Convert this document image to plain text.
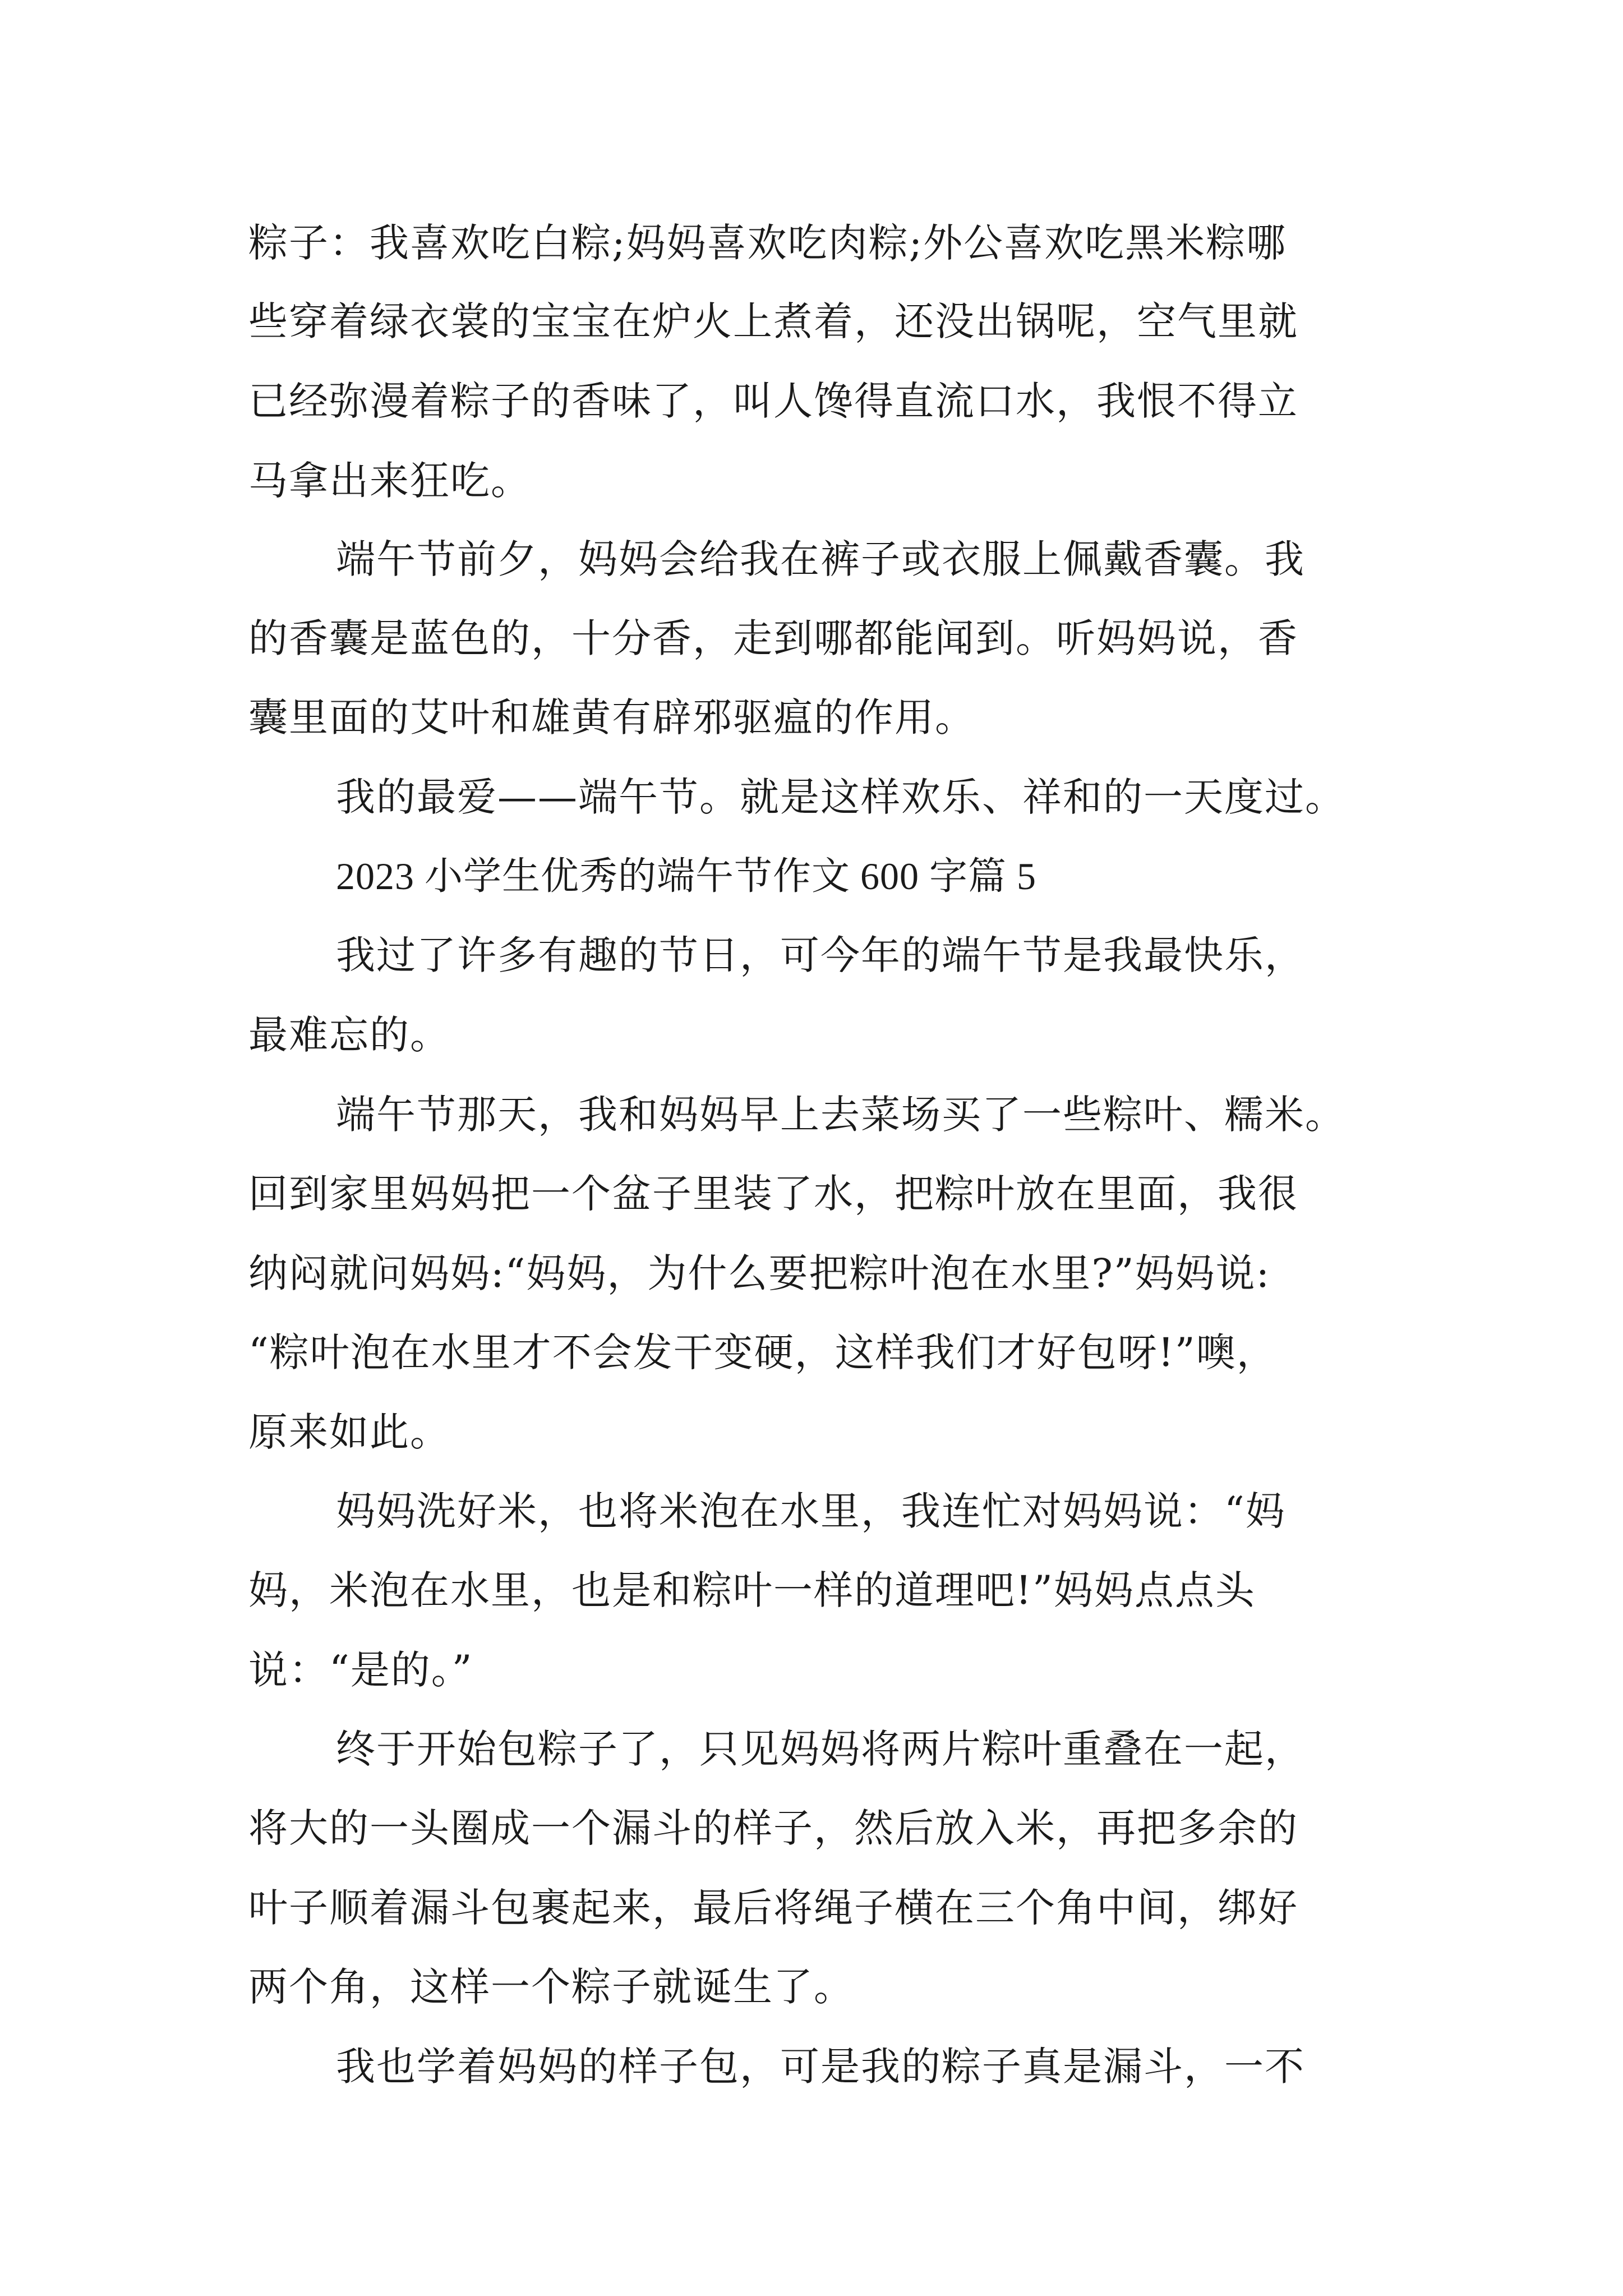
粽子：我喜欢吃白粽;妈妈喜欢吃肉粽;外公喜欢吃黑米粽哪
些穿着绿衣裳的宝宝在炉火上煮着，还没出锅呢，空气里就
已经弥漫着粽子的香味了，叫人馋得直流口水，我恨不得立
马拿出来狂吃。
端午节前夕，妈妈会给我在裤子或衣服上佩戴香囊。我
的香囊是蓝色的，十分香，走到哪都能闻到。听妈妈说，香
囊里面的艾叶和雄黄有辟邪驱瘟的作用。
我的最爱——端午节。就是这样欢乐、祥和的一天度过。
2023 小学生优秀的端午节作文 600 字篇 5
我过了许多有趣的节日，可今年的端午节是我最快乐，
最难忘的。
端午节那天，我和妈妈早上去菜场买了一些粽叶、糯米。
回到家里妈妈把一个盆子里装了水，把粽叶放在里面，我很
纳闷就问妈妈:“妈妈，为什么要把粽叶泡在水里?”妈妈说:
“粽叶泡在水里才不会发干变硬，这样我们才好包呀!”噢，
原来如此。
妈妈洗好米，也将米泡在水里，我连忙对妈妈说：“妈
妈，米泡在水里，也是和粽叶一样的道理吧!”妈妈点点头
说：“是的。”
终于开始包粽子了，只见妈妈将两片粽叶重叠在一起，
将大的一头圈成一个漏斗的样子，然后放入米，再把多余的
叶子顺着漏斗包裹起来，最后将绳子横在三个角中间，绑好
两个角，这样一个粽子就诞生了。
我也学着妈妈的样子包，可是我的粽子真是漏斗，一不
